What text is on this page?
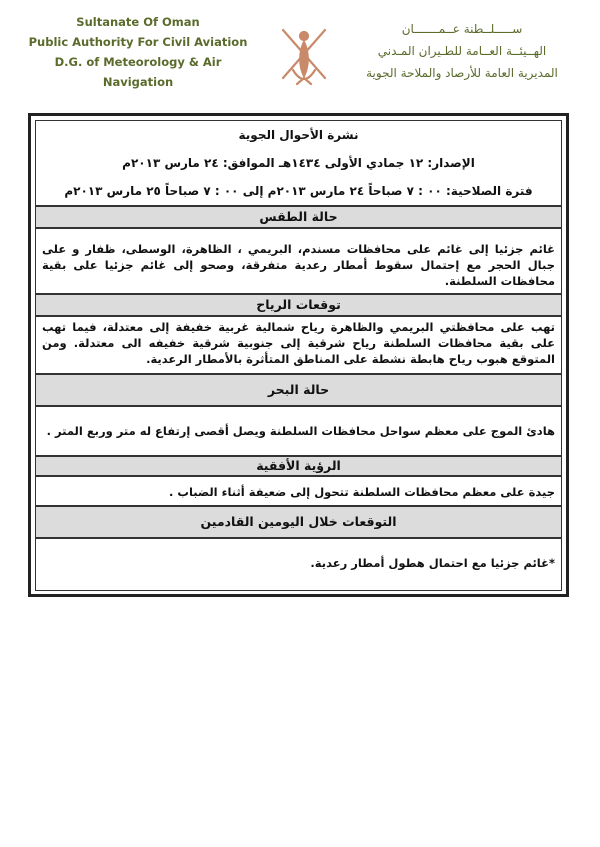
Sultanate Of Oman
Public Authority For Civil Aviation
D.G. of Meteorology & Air
Navigation
ســـــلــطنة عــمـــــــان
الهــيئــة العــامة للطـيران المـدني
المديرية العامة للأرصاد والملاحة الجوية
نشرة الأحوال الجوية
الإصدار: ١٢ جمادي الأولى ١٤٣٤هـ الموافق: ٢٤ مارس ٢٠١٣م
فترة الصلاحية: ٠٠ : ٧ صباحاً ٢٤ مارس ٢٠١٣م إلى ٠٠ : ٧ صباحاً ٢٥ مارس ٢٠١٣م
حالة الطقس
غائم جزئيا إلى غائم على محافظات مسندم، البريمي ، الظاهرة، الوسطى، ظفار و على جبال الحجر مع إحتمال سقوط أمطار رعدية متفرقة، وصحو إلى غائم جزئيا على بقية محافظات السلطنة.
توقعات الرياح
تهب على محافظتي البريمي والظاهرة رياح شمالية غربية خفيفة إلى معتدلة، فيما تهب على بقية محافظات السلطنة رياح شرقية إلى جنوبية شرقية خفيفه الى معتدلة. ومن المتوقع هبوب رياح هابطة نشطة على المناطق المتأثرة بالأمطار الرعدية.
حالة البحر
هادئ الموج على معظم سواحل محافظات السلطنة ويصل أقصى إرتفاع له متر وربع المتر .
الرؤية الأفقية
جيدة على معظم محافظات السلطنة تتحول إلى ضعيفة أثناء الضباب .
التوقعات خلال اليومين القادمين
*غائم جزئيا مع احتمال هطول أمطار رعدية.
